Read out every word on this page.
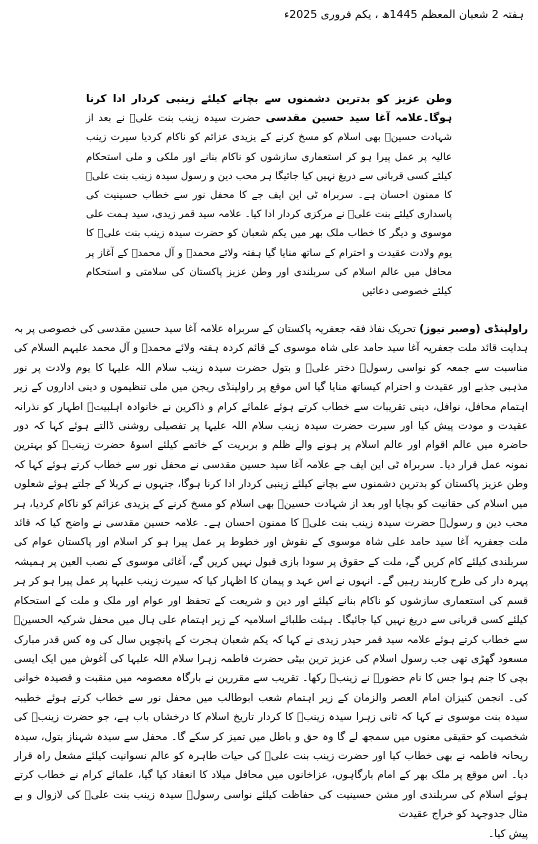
ہفتہ 2 شعبان المعظم 1445ھ ، یکم فروری 2025ء
وطن عزیز کو بدترین دشمنوں سے بچانے کیلئے زینبی کردار ادا کرنا ہوگا۔علامہ آغا سید حسین مقدسی حضرت سیدہ زینب بنت علیؑ نے بعد از شہادت حسینؑ بھی اسلام کو مسخ کرنے کے یزیدی عزائم کو ناکام کردیا سیرت زینب عالیہ پر عمل پیرا ہو کر استعماری سازشوں کو ناکام بنانے اور ملکی و ملی استحکام کیلئے کسی قربانی سے دریغ نہیں کیا جائیگا ہر محب دین و رسول سیدہ زینب بنت علیؑ کا ممنون احسان ہے۔ سربراہ ٹی این ایف جے کا محفل نور سے خطاب حسینیت کی پاسداری کیلئے بنت علیؑ نے مرکزی کردار ادا کیا۔ علامہ سید قمر زیدی، سید ہمت علی موسوی و دیگر کا خطاب ملک بھر میں یکم شعبان کو حضرت سیدہ زینب بنت علیؑ کا یوم ولادت عقیدت و احترام کے ساتھ منایا گیا ہفتہ ولائے محمدؐ و آل محمدؐ کے آغاز پر محافل میں عالم اسلام کی سربلندی اور وطن عزیز پاکستان کی سلامتی و استحکام کیلئے خصوصی دعائیں
راولپنڈی (وصبر نیوز) تحریک نفاذ فقہ جعفریہ پاکستان کے سربراہ علامہ آغا سید حسین مقدسی کی خصوصی پر بہ ہدایت قائد ملت جعفریہ آغا سید حامد علی شاہ موسوی کے قائم کردہ ہفتہ ولائے محمدؐ و آل محمد علیہم السلام کی مناسبت سے جمعہ کو نواسی رسولؐ دختر علیؑ و بتول حضرت سیدہ زینب سلام اللہ علیہا کا یوم ولادت پر نور مذہبی جذبے اور عقیدت و احترام کیساتھ منایا گیا اس موقع پر راولپنڈی ریجن میں ملی تنظیموں و دینی اداروں کے زیر اہتمام محافل، نوافل، دینی تقریبات سے خطاب کرتے ہوئے علمائے کرام و ذاکرین نے خانوادہ اہلبیتؑ اطہار کو نذرانہ عقیدت و مودت پیش کیا اور سیرت حضرت سیدہ زینب سلام اللہ علیہا پر تفصیلی روشنی ڈالتے ہوئے کہا کہ دور حاضرہ میں عالم اقوام اور عالم اسلام پر ہونے والے ظلم و بربریت کے خاتمے کیلئے اسوۂ حضرت زینبؑ کو بہترین نمونہ عمل قرار دیا۔ سربراہ ٹی این ایف جے علامہ آغا سید حسین مقدسی نے محفل نور سے خطاب کرتے ہوئے کہا کہ وطن عزیز پاکستان کو بدترین دشمنوں سے بچانے کیلئے زینبی کردار ادا کرنا ہوگا، جنہوں نے کربلا کے جلتے ہوئے شعلوں میں اسلام کی حقانیت کو بچایا اور بعد از شہادت حسینؑ بھی اسلام کو مسخ کرنے کے یزیدی عزائم کو ناکام کردیا، ہر محب دین و رسولؐ حضرت سیدہ زینب بنت علیؑ کا ممنون احسان ہے۔ علامہ حسین مقدسی نے واضح کیا کہ قائد ملت جعفریہ آغا سید حامد علی شاہ موسوی کے نقوش اور خطوط پر عمل پیرا ہو کر اسلام اور پاکستان عوام کی سربلندی کیلئے کام کریں گے، ملت کے حقوق پر سودا بازی قبول نہیں کریں گے، آغائی موسوی کے نصب العین پر ہمیشہ پہرہ دار کی طرح کاربند رہیں گے۔ انہوں نے اس عہد و پیمان کا اظہار کیا کہ سیرت زینب علیہا پر عمل پیرا ہو کر ہر قسم کی استعماری سازشوں کو ناکام بنانے کیلئے اور دین و شریعت کے تحفظ اور عوام اور ملک و ملت کے استحکام کیلئے کسی قربانی سے دریغ نہیں کیا جائیگا۔ ہیئت طلبائے اسلامیہ کے زیر اہتمام علی ہال میں محفل شرکیہ الحسینؑ سے خطاب کرتے ہوئے علامہ سید قمر حیدر زیدی نے کہا کہ یکم شعبان ہجرت کے پانچویں سال کی وہ کس قدر مبارک مسعود گھڑی تھی جب رسول اسلام کی عزیز ترین بیٹی حضرت فاطمہ زہرا سلام اللہ علیہا کی آغوش میں ایک ایسی بچی کا جنم ہوا جس کا نام حضورؐ نے زینبؑ رکھا۔ تقریب سے مقررین نے بارگاہ معصومہ میں منقبت و قصیدہ خوانی کی۔ انجمن کنیزان امام العصر والزمان کے زیر اہتمام شعب ابوطالب میں محفل نور سے خطاب کرتے ہوئے خطیبہ سیدہ بنت موسوی نے کہا کہ ثانی زہرا سیدہ زینبؑ کا کردار تاریخ اسلام کا درخشاں باب ہے، جو حضرت زینبؑ کی شخصیت کو حقیقی معنوں میں سمجھ لے گا وہ حق و باطل میں تمیز کر سکے گا۔ محفل سے سیدہ شہناز بتول، سیدہ ریحانہ فاطمہ نے بھی خطاب کیا اور حضرت زینب بنت علیؑ کی حیات طاہرہ کو عالم نسوانیت کیلئے مشعل راہ قرار دیا۔ اس موقع پر ملک بھر کے امام بارگاہوں، عزاخانوں میں محافل میلاد کا انعقاد کیا گیا، علمائے کرام نے خطاب کرتے ہوئے اسلام کی سربلندی اور مشن حسینیت کی حفاظت کیلئے نواسی رسولؐ سیدہ زینب بنت علیؑ کی لازوال و بے مثال جدوجہد کو خراج عقیدت
پیش کیا۔
